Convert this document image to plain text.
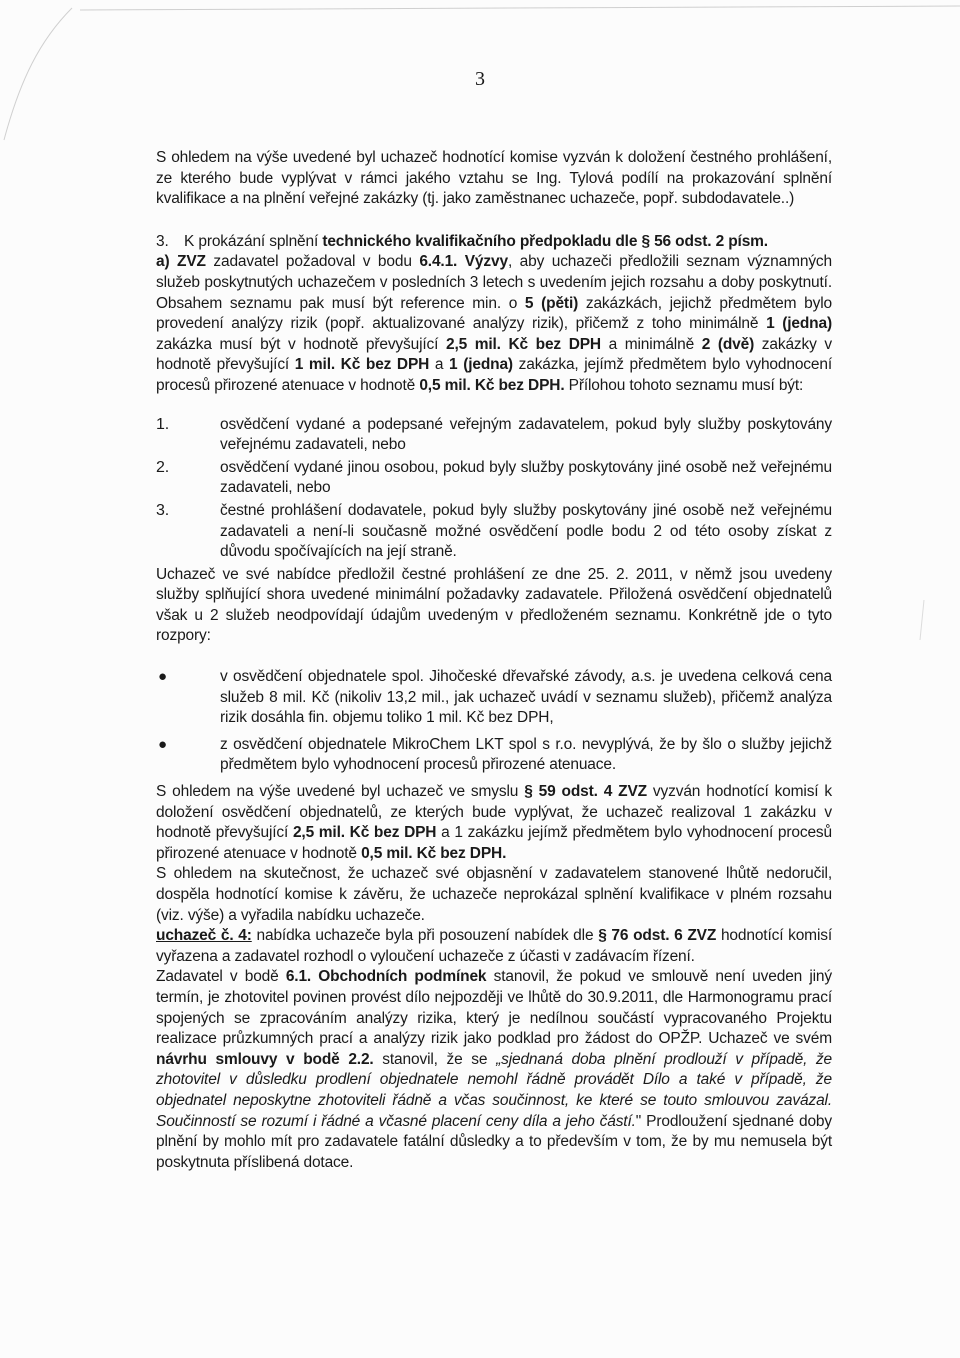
3

S ohledem na výše uvedené byl uchazeč hodnotící komise vyzván k doložení čestného prohlášení, ze kterého bude vyplývat v rámci jakého vztahu se Ing. Tylová podílí na prokazování splnění kvalifikace a na plnění veřejné zakázky (tj. jako zaměstnanec uchazeče, popř. subdodavatele..)

3. K prokázání splnění technického kvalifikačního předpokladu dle § 56 odst. 2 písm.

a) ZVZ zadavatel požadoval v bodu 6.4.1. Výzvy, aby uchazeči předložili seznam významných služeb poskytnutých uchazečem v posledních 3 letech s uvedením jejich rozsahu a doby poskytnutí. Obsahem seznamu pak musí být reference min. o 5 (pěti) zakázkách, jejichž předmětem bylo provedení analýzy rizik (popř. aktualizované analýzy rizik), přičemž z toho minimálně 1 (jedna) zakázka musí být v hodnotě převyšující 2,5 mil. Kč bez DPH a minimálně 2 (dvě) zakázky v hodnotě převyšující 1 mil. Kč bez DPH a 1 (jedna) zakázka, jejímž předmětem bylo vyhodnocení procesů přirozené atenuace v hodnotě 0,5 mil. Kč bez DPH. Přílohou tohoto seznamu musí být:

1.	osvědčení vydané a podepsané veřejným zadavatelem, pokud byly služby poskytovány veřejnému zadavateli, nebo
2.	osvědčení vydané jinou osobou, pokud byly služby poskytovány jiné osobě než veřejnému zadavateli, nebo
3.	čestné prohlášení dodavatele, pokud byly služby poskytovány jiné osobě než veřejnému zadavateli a není-li současně možné osvědčení podle bodu 2 od této osoby získat z důvodu spočívajících na její straně.

Uchazeč ve své nabídce předložil čestné prohlášení ze dne 25. 2. 2011, v němž jsou uvedeny služby splňující shora uvedené minimální požadavky zadavatele. Přiložená osvědčení objednatelů však u 2 služeb neodpovídají údajům uvedeným v předloženém seznamu. Konkrétně jde o tyto rozpory:

●	v osvědčení objednatele spol. Jihočeské dřevařské závody, a.s. je uvedena celková cena služeb 8 mil. Kč (nikoliv 13,2 mil., jak uchazeč uvádí v seznamu služeb), přičemž analýza rizik dosáhla fin. objemu toliko 1 mil. Kč bez DPH,
●	z osvědčení objednatele MikroChem LKT spol s r.o. nevyplývá, že by šlo o služby jejichž předmětem bylo vyhodnocení procesů přirozené atenuace.

S ohledem na výše uvedené byl uchazeč ve smyslu § 59 odst. 4 ZVZ vyzván hodnotící komisí k doložení osvědčení objednatelů, ze kterých bude vyplývat, že uchazeč realizoval 1 zakázku v hodnotě převyšující 2,5 mil. Kč bez DPH a 1 zakázku jejímž předmětem bylo vyhodnocení procesů přirozené atenuace v hodnotě 0,5 mil. Kč bez DPH.

S ohledem na skutečnost, že uchazeč své objasnění v zadavatelem stanovené lhůtě nedoručil, dospěla hodnotící komise k závěru, že uchazeče neprokázal splnění kvalifikace v plném rozsahu (viz. výše) a vyřadila nabídku uchazeče.

uchazeč č. 4: nabídka uchazeče byla při posouzení nabídek dle § 76 odst. 6 ZVZ hodnotící komisí vyřazena a zadavatel rozhodl o vyloučení uchazeče z účasti v zadávacím řízení.

Zadavatel v bodě 6.1. Obchodních podmínek stanovil, že pokud ve smlouvě není uveden jiný termín, je zhotovitel povinen provést dílo nejpozději ve lhůtě do 30.9.2011, dle Harmonogramu prací spojených se zpracováním analýzy rizika, který je nedílnou součástí vypracovaného Projektu realizace průzkumných prací a analýzy rizik jako podklad pro žádost do OPŽP. Uchazeč ve svém návrhu smlouvy v bodě 2.2. stanovil, že se „sjednaná doba plnění prodlouží v případě, že zhotovitel v důsledku prodlení objednatele nemohl řádně provádět Dílo a také v případě, že objednatel neposkytne zhotoviteli řádně a včas součinnost, ke které se touto smlouvou zavázal. Součinností se rozumí i řádné a včasné placení ceny díla a jeho částí." Prodloužení sjednané doby plnění by mohlo mít pro zadavatele fatální důsledky a to především v tom, že by mu nemusela být poskytnuta příslibená dotace.
